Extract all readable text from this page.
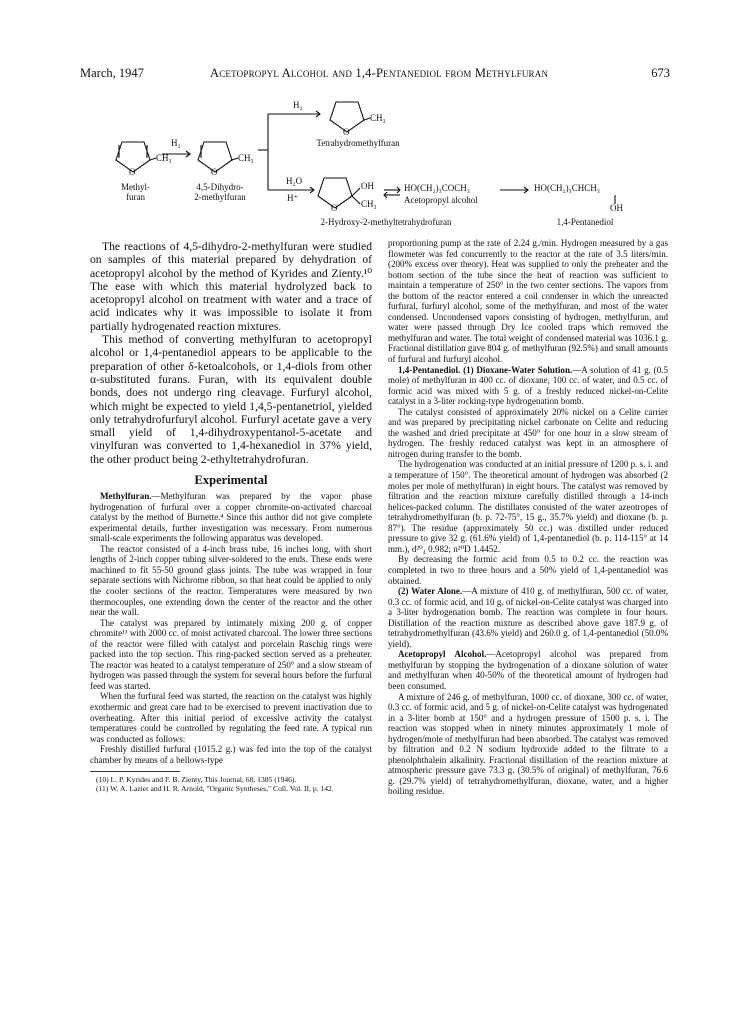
March, 1947	Acetopropyl Alcohol and 1,4-Pentanediol from Methylfuran	673
H₂
H₂
H₂O
H⁺
O	O
O
O
CH₃	CH₃
CH₃
CH₃
OH
Methyl-
furan
4,5-Dihydro-
2-methylfuran
Tetrahydromethylfuran
2-Hydroxy-2-methyltetrahydrofuran
HO(CH₂)₃COCH₃
Acetopropyl alcohol
HO(CH₂)₃CHCH₃
OH
1,4-Pentanediol

The reactions of 4,5-dihydro-2-methylfuran were studied on samples of this material prepared by dehydration of acetopropyl alcohol by the method of Kyrides and Zienty.¹⁰ The ease with which this material hydrolyzed back to acetopropyl alcohol on treatment with water and a trace of acid indicates why it was impossible to isolate it from partially hydrogenated reaction mixtures.

This method of converting methylfuran to acetopropyl alcohol or 1,4-pentanediol appears to be applicable to the preparation of other δ-ketoalcohols, or 1,4-diols from other α-substituted furans. Furan, with its equivalent double bonds, does not undergo ring cleavage. Furfuryl alcohol, which might be expected to yield 1,4,5-pentanetriol, yielded only tetrahydrofurfuryl alcohol. Furfuryl acetate gave a very small yield of 1,4-dihydroxypentanol-5-acetate and vinylfuran was converted to 1,4-hexanediol in 37% yield, the other product being 2-ethyltetrahydrofuran.

Experimental

Methylfuran.—Methylfuran was prepared by the vapor phase hydrogenation of furfural over a copper chromite-on-activated charcoal catalyst by the method of Burnette.⁴ Since this author did not give complete experimental details, further investigation was necessary. From numerous small-scale experiments the following apparatus was developed.

The reactor consisted of a 4-inch brass tube, 16 inches long, with short lengths of 2-inch copper tubing silver-soldered to the ends. These ends were machined to fit 55-50 ground glass joints. The tube was wrapped in four separate sections with Nichrome ribbon, so that heat could be applied to only the cooler sections of the reactor. Temperatures were measured by two thermocouples, one extending down the center of the reactor and the other near the wall.

The catalyst was prepared by intimately mixing 200 g. of copper chromite¹¹ with 2000 cc. of moist activated charcoal. The lower three sections of the reactor were filled with catalyst and porcelain Raschig rings were packed into the top section. This ring-packed section served as a preheater. The reactor was heated to a catalyst temperature of 250° and a slow stream of hydrogen was passed through the system for several hours before the furfural feed was started.

When the furfural feed was started, the reaction on the catalyst was highly exothermic and great care had to be exercised to prevent inactivation due to overheating. After this initial period of excessive activity the catalyst temperatures could be controlled by regulating the feed rate. A typical run was conducted as follows:

Freshly distilled furfural (1015.2 g.) was fed into the top of the catalyst chamber by means of a bellows-type

(10) L. P. Kyrides and F. B. Zienty, This Journal, 68, 1385 (1946).

(11) W. A. Lazier and H. R. Arnold, "Organic Syntheses," Coll. Vol. II, p. 142.

proportioning pump at the rate of 2.24 g./min. Hydrogen measured by a gas flowmeter was fed concurrently to the reactor at the rate of 3.5 liters/min. (200% excess over theory). Heat was supplied to only the preheater and the bottom section of the tube since the heat of reaction was sufficient to maintain a temperature of 250° in the two center sections. The vapors from the bottom of the reactor entered a coil condenser in which the unreacted furfural, furfuryl alcohol, some of the methylfuran, and most of the water condensed. Uncondensed vapors consisting of hydrogen, methylfuran, and water were passed through Dry Ice cooled traps which removed the methylfuran and water. The total weight of condensed material was 1036.1 g. Fractional distillation gave 804 g. of methylfuran (92.5%) and small amounts of furfural and furfuryl alcohol.

1,4-Pentanediol. (1) Dioxane-Water Solution.—A solution of 41 g. (0.5 mole) of methylfuran in 400 cc. of dioxane, 100 cc. of water, and 0.5 cc. of formic acid was mixed with 5 g. of a freshly reduced nickel-on-Celite catalyst in a 3-liter rocking-type hydrogenation bomb.

The catalyst consisted of approximately 20% nickel on a Celite carrier and was prepared by precipitating nickel carbonate on Celite and reducing the washed and dried precipitate at 450° for one hour in a slow stream of hydrogen. The freshly reduced catalyst was kept in an atmosphere of nitrogen during transfer to the bomb.

The hydrogenation was conducted at an initial pressure of 1200 p. s. i. and a temperature of 150°. The theoretical amount of hydrogen was absorbed (2 moles per mole of methylfuran) in eight hours. The catalyst was removed by filtration and the reaction mixture carefully distilled through a 14-inch helices-packed column. The distillates consisted of the water azeotropes of tetrahydromethylfuran (b. p. 72-75°, 15 g., 35.7% yield) and dioxane (b. p. 87°). The residue (approximately 50 cc.) was distilled under reduced pressure to give 32 g. (61.6% yield) of 1,4-pentanediol (b. p. 114-115° at 14 mm.), d²⁰₄ 0.982; n²⁰D 1.4452.

By decreasing the formic acid from 0.5 to 0.2 cc. the reaction was completed in two to three hours and a 50% yield of 1,4-pentanediol was obtained.

(2) Water Alone.—A mixture of 410 g. of methylfuran, 500 cc. of water, 0.3 cc. of formic acid, and 10 g. of nickel-on-Celite catalyst was charged into a 3-liter hydrogenation bomb. The reaction was complete in four hours. Distillation of the reaction mixture as described above gave 187.9 g. of tetrahydromethylfuran (43.6% yield) and 260.0 g. of 1,4-pentanediol (50.0% yield).

Acetopropyl Alcohol.—Acetopropyl alcohol was prepared from methylfuran by stopping the hydrogenation of a dioxane solution of water and methylfuran when 40-50% of the theoretical amount of hydrogen had been consumed.

A mixture of 246 g. of methylfuran, 1000 cc. of dioxane, 300 cc. of water, 0.3 cc. of formic acid, and 5 g. of nickel-on-Celite catalyst was hydrogenated in a 3-liter bomb at 150° and a hydrogen pressure of 1500 p. s. i. The reaction was stopped when in ninety minutes approximately 1 mole of hydrogen/mole of methylfuran had been absorbed. The catalyst was removed by filtration and 0.2 N sodium hydroxide added to the filtrate to a phenolphthalein alkalinity. Fractional distillation of the reaction mixture at atmospheric pressure gave 73.3 g. (30.5% of original) of methylfuran, 76.6 g. (29.7% yield) of tetrahydromethylfuran, dioxane, water, and a higher boiling residue.
